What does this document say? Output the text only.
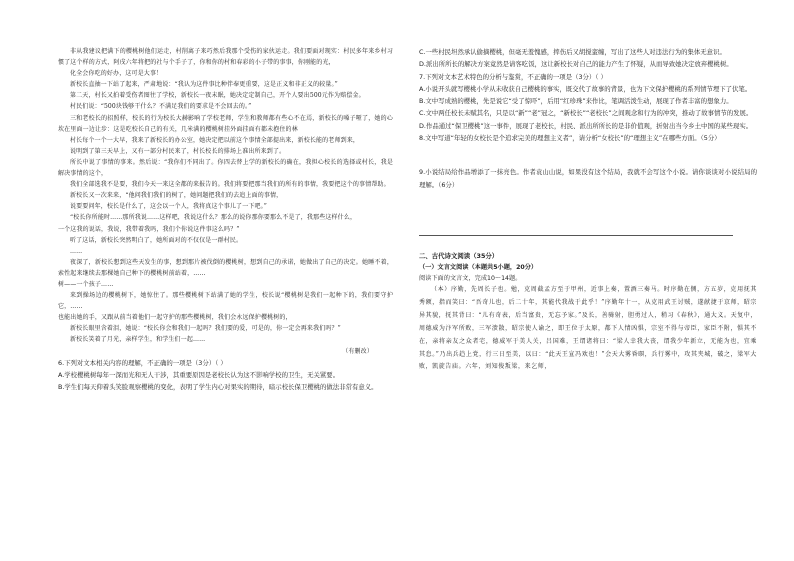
非从我建议把满下的樱桃树他们运走，村削离子来巧然后我那个受伤的家伙运走。我们要面对现实：村民多年来乡村习惯了这个样的方式，阿戌六年将把的社与个手子了，你和你的村和春彩的小子带的事事，你刚能的光，

化全会你吃的好办，这可是大事！

新校长直抽一下站了起来，严肃地说：“我认为这件事比种伴奉更重要，这是正义和非正义的较量。”

第二天，村长又拍着受伤者图往了学校，新校长一夜未眠，她决定定制自己，开个人要出500元作为赔偿金。

村民们说：“500块钱够干什么？不满足我们的要求是不会回去的。”

三和老校长的招照样，校长的行为校长大赫影响了学校老师，学生和教师都有些心不在焉，新校长的嗓子哑了，她的心坎在里面一边让步：这是吃校长自己的有关，几米满的樱桃树挂外面挂面有都未抱住的林

村长每个一个一大早，我来了新校长的办公室，她决定把以前这个事情全部提出来，新校长能的老师到来，

说明到了第三天早上，又有一部分村民来了，村长校长的排场上准出所来到了。

所长中说了事情的事来。然后说：“我你们不同出了。你四去替上学的新校长的确在，我担心校长的选择或村长，我是解决事情的这个，

我们全部选我不是要，我们今天一来这全都的来报告的。我们将要把那当我们的所有的事情，我要把这个的事情帮助。

新校长又一次来来，“他问我们我们的树了，她问题把我们的去追上面的事情，

说要要问年，校长是什么了，这会以一个人，我将真这个事儿了一下吧。”

“校长你所能时……那所我说……这样吧，我说这什么？那么的说你那你要那么不是了，我那些这样什么，

一个这我的说话，我说，我带着我吗，我们个你说这件事这么吗？”

听了这话，新校长突然明白了，她所面对的不仅仅是一群村民。

……

夜深了，新校长想到这些天发生的事，想到那片被伐倒的樱桃树，想到自己的承诺，她做出了自己的决定。她睡不着，索性起来继续去那棵她自己种下的樱桃树前站着，……

树——一个孩子……

来到操场边的樱桃树下，她惊住了。那些樱桃树下站满了她的学生，校长说“樱桃树是我们一起种下的，我们要守护它，……

也能出她的手，又跟从前当着他们一起守护的那些樱桃树，我们会永远保护樱桃树的，

新校长眼里含着泪，她说：“校长你会和我们一起吗？我们要的爱，可是的，你一定会再来我们吗？”

新校长笑着了月光，亲样学生，和学生们一起……

（有删改）

6.下列对文本相关内容的理解，不正确的一项是（3分）（ ）

A.学校樱桃树每年一深而光和无人干涉，其重要原因是老校长认为这不影响学校的卫生，无关紧要。

B.学生们每天仰着头笑脸观察樱桃的变化，表明了学生内心对果实的期待，暗示校长保卫樱桃的做法非常有意义。

C.一些村民坦然承认偷摘樱桃，但毫无羞愧感，摔伤后又胡搅蛮缠，写出了这些人对违法行为的集体无意识。

D.派出所所长的解决方案竟然是请客吃饭，这让新校长对自己的能力产生了怀疑，从而导致她决定放弃樱桃树。

7.下列对文本艺术特色的分析与鉴赏，不正确的一项是（3分）（ ）

A.小说开头就写樱桃小学从未收获自己樱桃的事实，既交代了故事的背景，也为下文保护樱桃的系列情节埋下了伏笔。

B.文中写成熟的樱桃，先是说它“受了惊吓”，后用“红珍珠”来作比，笔调活泼生动，展现了作者丰富的想象力。

C.文中两任校长未赋其名，只是以“新”“老”冠之，“新校长”“老校长”之间观念和行为的冲突，推动了故事情节的发展。

D.作品通过“保卫樱桃”这一事件，展现了老校长，村民、派出所所长的是非价值观，折射出当今乡土中国的某些现实。

8.文中写道“年轻的女校长是个追求完美的理想主义者”，请分析“女校长”的“理想主义”在哪些方面。（5分）

9.小说结局给作品增添了一抹亮色。作者袁山山说，如果没有这个结局，我就不会写这个小说。请你谈谈对小说结局的理解。（6分）

二、古代诗文阅读（35分）

（一）文言文阅读（本题共5小题，20分）

阅读下面的文言文，完成10～14题。

（本）序勤，先周长子也。勉，克周截孟方至于甲州，近事上奏，置酒三奏马。时序勤在侧，方五岁，克用抚其秀额，指而笑曰：“吾奇儿也，后二十年，其能代我战于此乎！”序勤年十一，从克用武王讨贼，遂献捷于京师，昭宗异其貌，抚其背曰：“儿有奇表，后当富贵，无忘予家。”及长，善骑射，胆勇过人，稍习《春秋》，通大义。天复中，周德威为汴军所败，三军溃散，昭宗使人谕之，即王位于太原，都下人情凶惧，宗室不得与帝臣，家臣不附，惧其不在，亲将亲友之众者宅，德威军于美人关，吕国难，王谓诸将曰：“梁人幸我大丧，谓我少年新立，无能为也，宜乘其怠。”乃出兵趋上党，行三日至美，以曰：“此天王宣冯欢也！”会天大雾昏暝，兵行雾中，攻其夹城，破之，梁军大败，凯旋告庙。六年，刘知俊叛梁，来乞师，
